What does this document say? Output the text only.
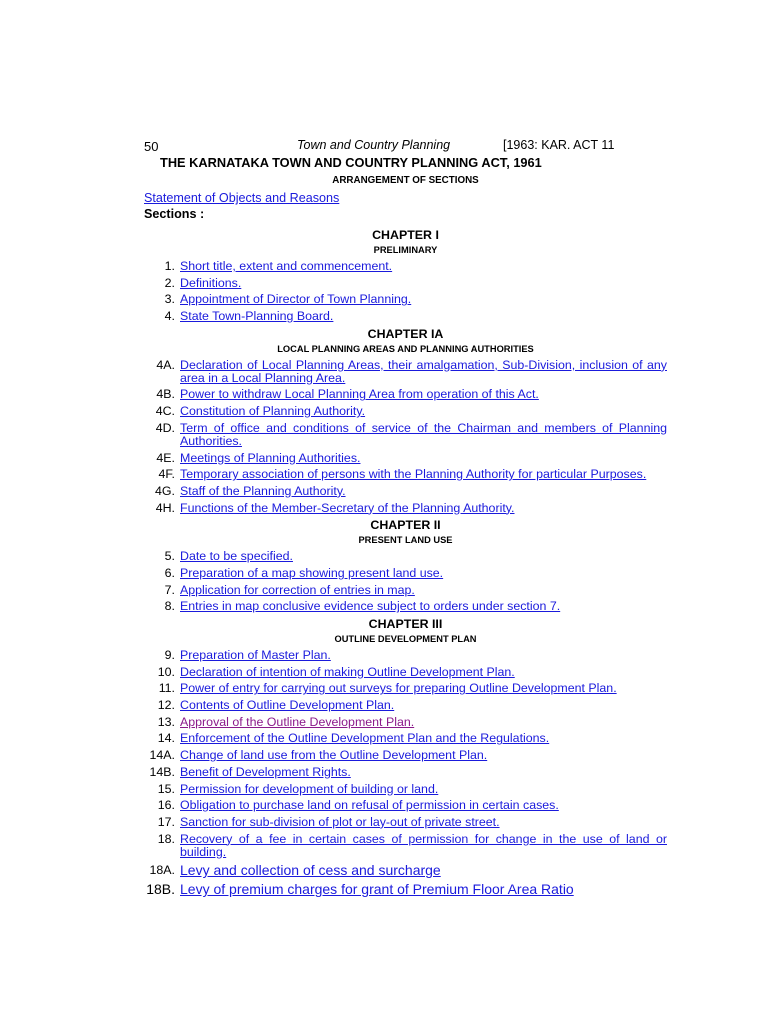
50	Town and Country Planning	[1963: KAR. ACT 11
THE KARNATAKA TOWN AND COUNTRY PLANNING ACT, 1961
ARRANGEMENT OF SECTIONS
Statement of Objects and Reasons
Sections :
CHAPTER I
PRELIMINARY
1. Short title, extent and commencement.
2. Definitions.
3. Appointment of Director of Town Planning.
4. State Town-Planning Board.
CHAPTER IA
LOCAL PLANNING AREAS AND PLANNING AUTHORITIES
4A. Declaration of Local Planning Areas, their amalgamation, Sub-Division, inclusion of any area in a Local Planning Area.
4B. Power to withdraw Local Planning Area from operation of this Act.
4C. Constitution of Planning Authority.
4D. Term of office and conditions of service of the Chairman and members of Planning Authorities.
4E. Meetings of Planning Authorities.
4F. Temporary association of persons with the Planning Authority for particular Purposes.
4G. Staff of the Planning Authority.
4H. Functions of the Member-Secretary of the Planning Authority.
CHAPTER II
PRESENT LAND USE
5. Date to be specified.
6. Preparation of a map showing present land use.
7. Application for correction of entries in map.
8. Entries in map conclusive evidence subject to orders under section 7.
CHAPTER III
OUTLINE DEVELOPMENT PLAN
9. Preparation of Master Plan.
10. Declaration of intention of making Outline Development Plan.
11. Power of entry for carrying out surveys for preparing Outline Development Plan.
12. Contents of Outline Development Plan.
13. Approval of the Outline Development Plan.
14. Enforcement of the Outline Development Plan and the Regulations.
14A. Change of land use from the Outline Development Plan.
14B. Benefit of Development Rights.
15. Permission for development of building or land.
16. Obligation to purchase land on refusal of permission in certain cases.
17. Sanction for sub-division of plot or lay-out of private street.
18. Recovery of a fee in certain cases of permission for change in the use of land or building.
18A. Levy and collection of cess and surcharge
18B. Levy of premium charges for grant of Premium Floor Area Ratio
